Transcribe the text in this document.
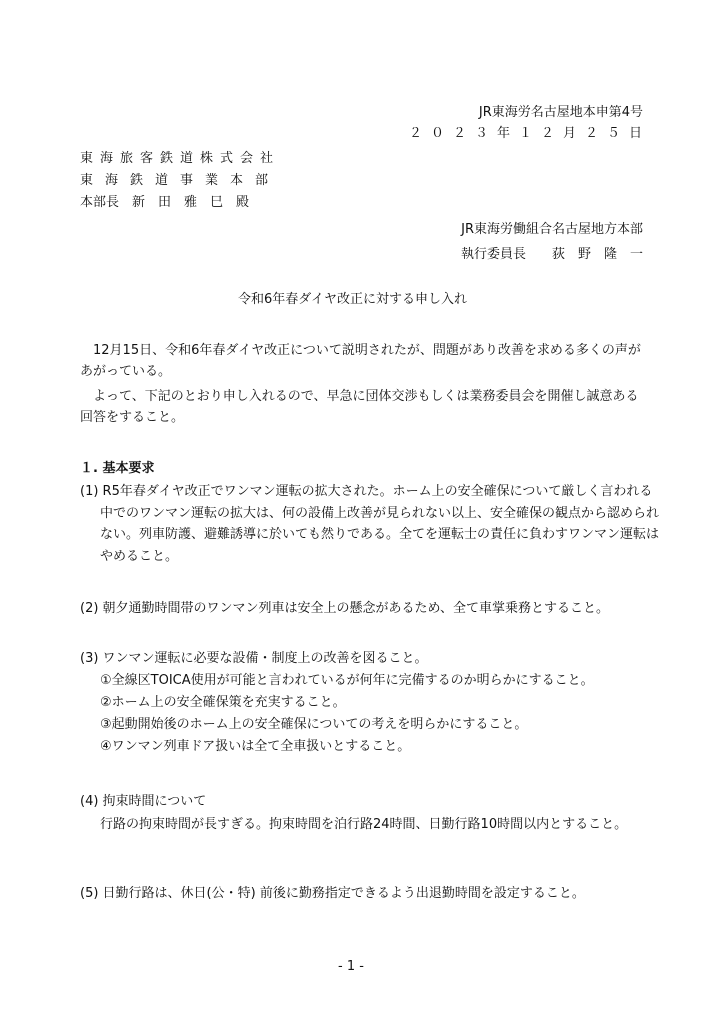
JR東海労名古屋地本申第4号
２０２３年１２月２５日
東海旅客鉄道株式会社
東海鉄道事業本部
本部長　新　田　雅　巳　殿
JR東海労働組合名古屋地方本部
執行委員長　　荻　野　隆　一
令和6年春ダイヤ改正に対する申し入れ
12月15日、令和6年春ダイヤ改正について説明されたが、問題があり改善を求める多くの声があがっている。
よって、下記のとおり申し入れるので、早急に団体交渉もしくは業務委員会を開催し誠意ある回答をすること。
１. 基本要求
(1) R5年春ダイヤ改正でワンマン運転の拡大された。ホーム上の安全確保について厳しく言われる中でのワンマン運転の拡大は、何の設備上改善が見られない以上、安全確保の観点から認められない。列車防護、避難誘導に於いても然りである。全てを運転士の責任に負わすワンマン運転はやめること。
(2) 朝夕通勤時間帯のワンマン列車は安全上の懸念があるため、全て車掌乗務とすること。
(3) ワンマン運転に必要な設備・制度上の改善を図ること。
①全線区TOICA使用が可能と言われているが何年に完備するのか明らかにすること。
②ホーム上の安全確保策を充実すること。
③起動開始後のホーム上の安全確保についての考えを明らかにすること。
④ワンマン列車ドア扱いは全て全車扱いとすること。
(4) 拘束時間について
行路の拘束時間が長すぎる。拘束時間を泊行路24時間、日勤行路10時間以内とすること。
(5) 日勤行路は、休日(公・特) 前後に勤務指定できるよう出退勤時間を設定すること。
- 1 -
